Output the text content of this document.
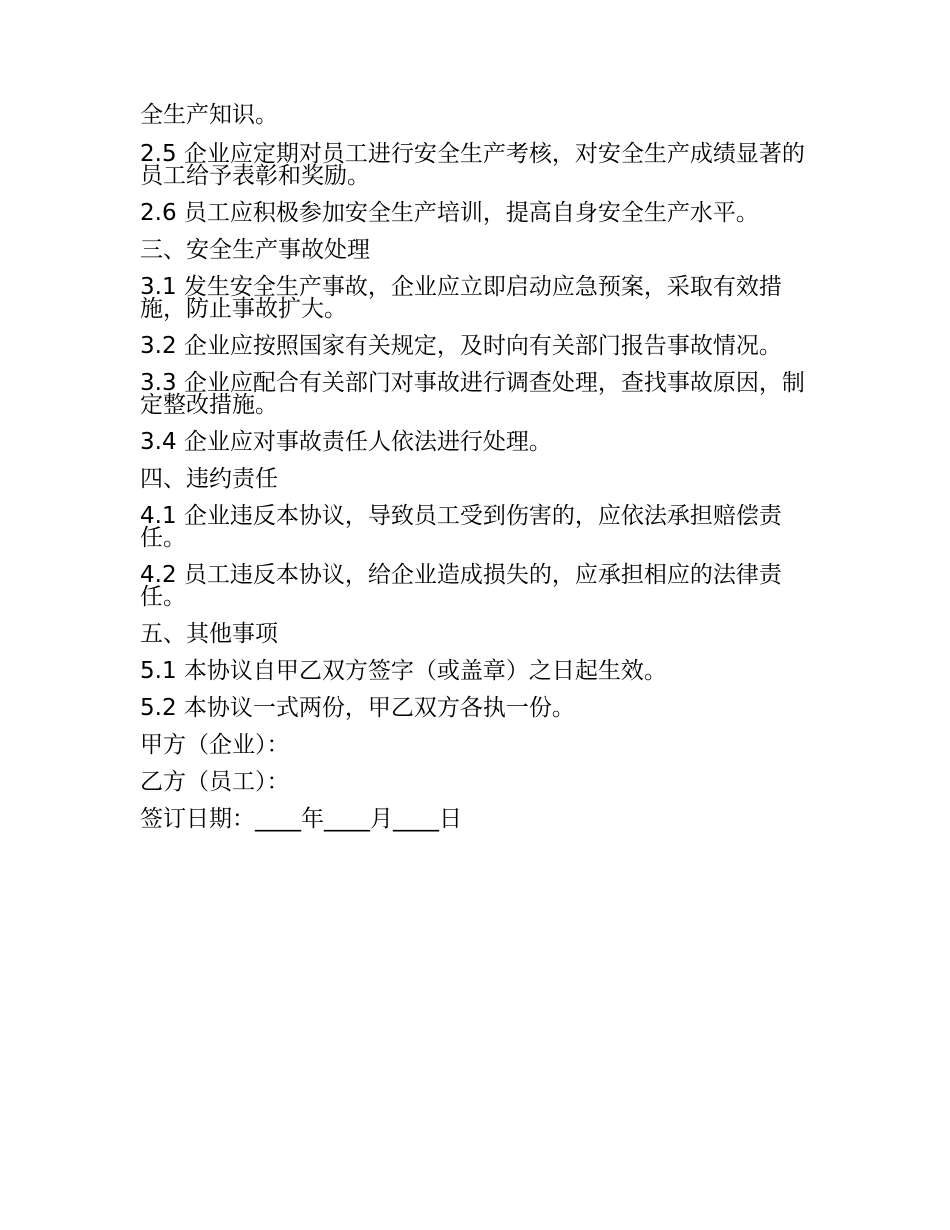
全生产知识。

2.5 企业应定期对员工进行安全生产考核，对安全生产成绩显著的员工给予表彰和奖励。

2.6 员工应积极参加安全生产培训，提高自身安全生产水平。

三、安全生产事故处理

3.1 发生安全生产事故，企业应立即启动应急预案，采取有效措施，防止事故扩大。

3.2 企业应按照国家有关规定，及时向有关部门报告事故情况。

3.3 企业应配合有关部门对事故进行调查处理，查找事故原因，制定整改措施。

3.4 企业应对事故责任人依法进行处理。

四、违约责任

4.1 企业违反本协议，导致员工受到伤害的，应依法承担赔偿责任。

4.2 员工违反本协议，给企业造成损失的，应承担相应的法律责任。

五、其他事项

5.1 本协议自甲乙双方签字（或盖章）之日起生效。

5.2 本协议一式两份，甲乙双方各执一份。

甲方（企业）：

乙方（员工）：

签订日期：____年____月____日
